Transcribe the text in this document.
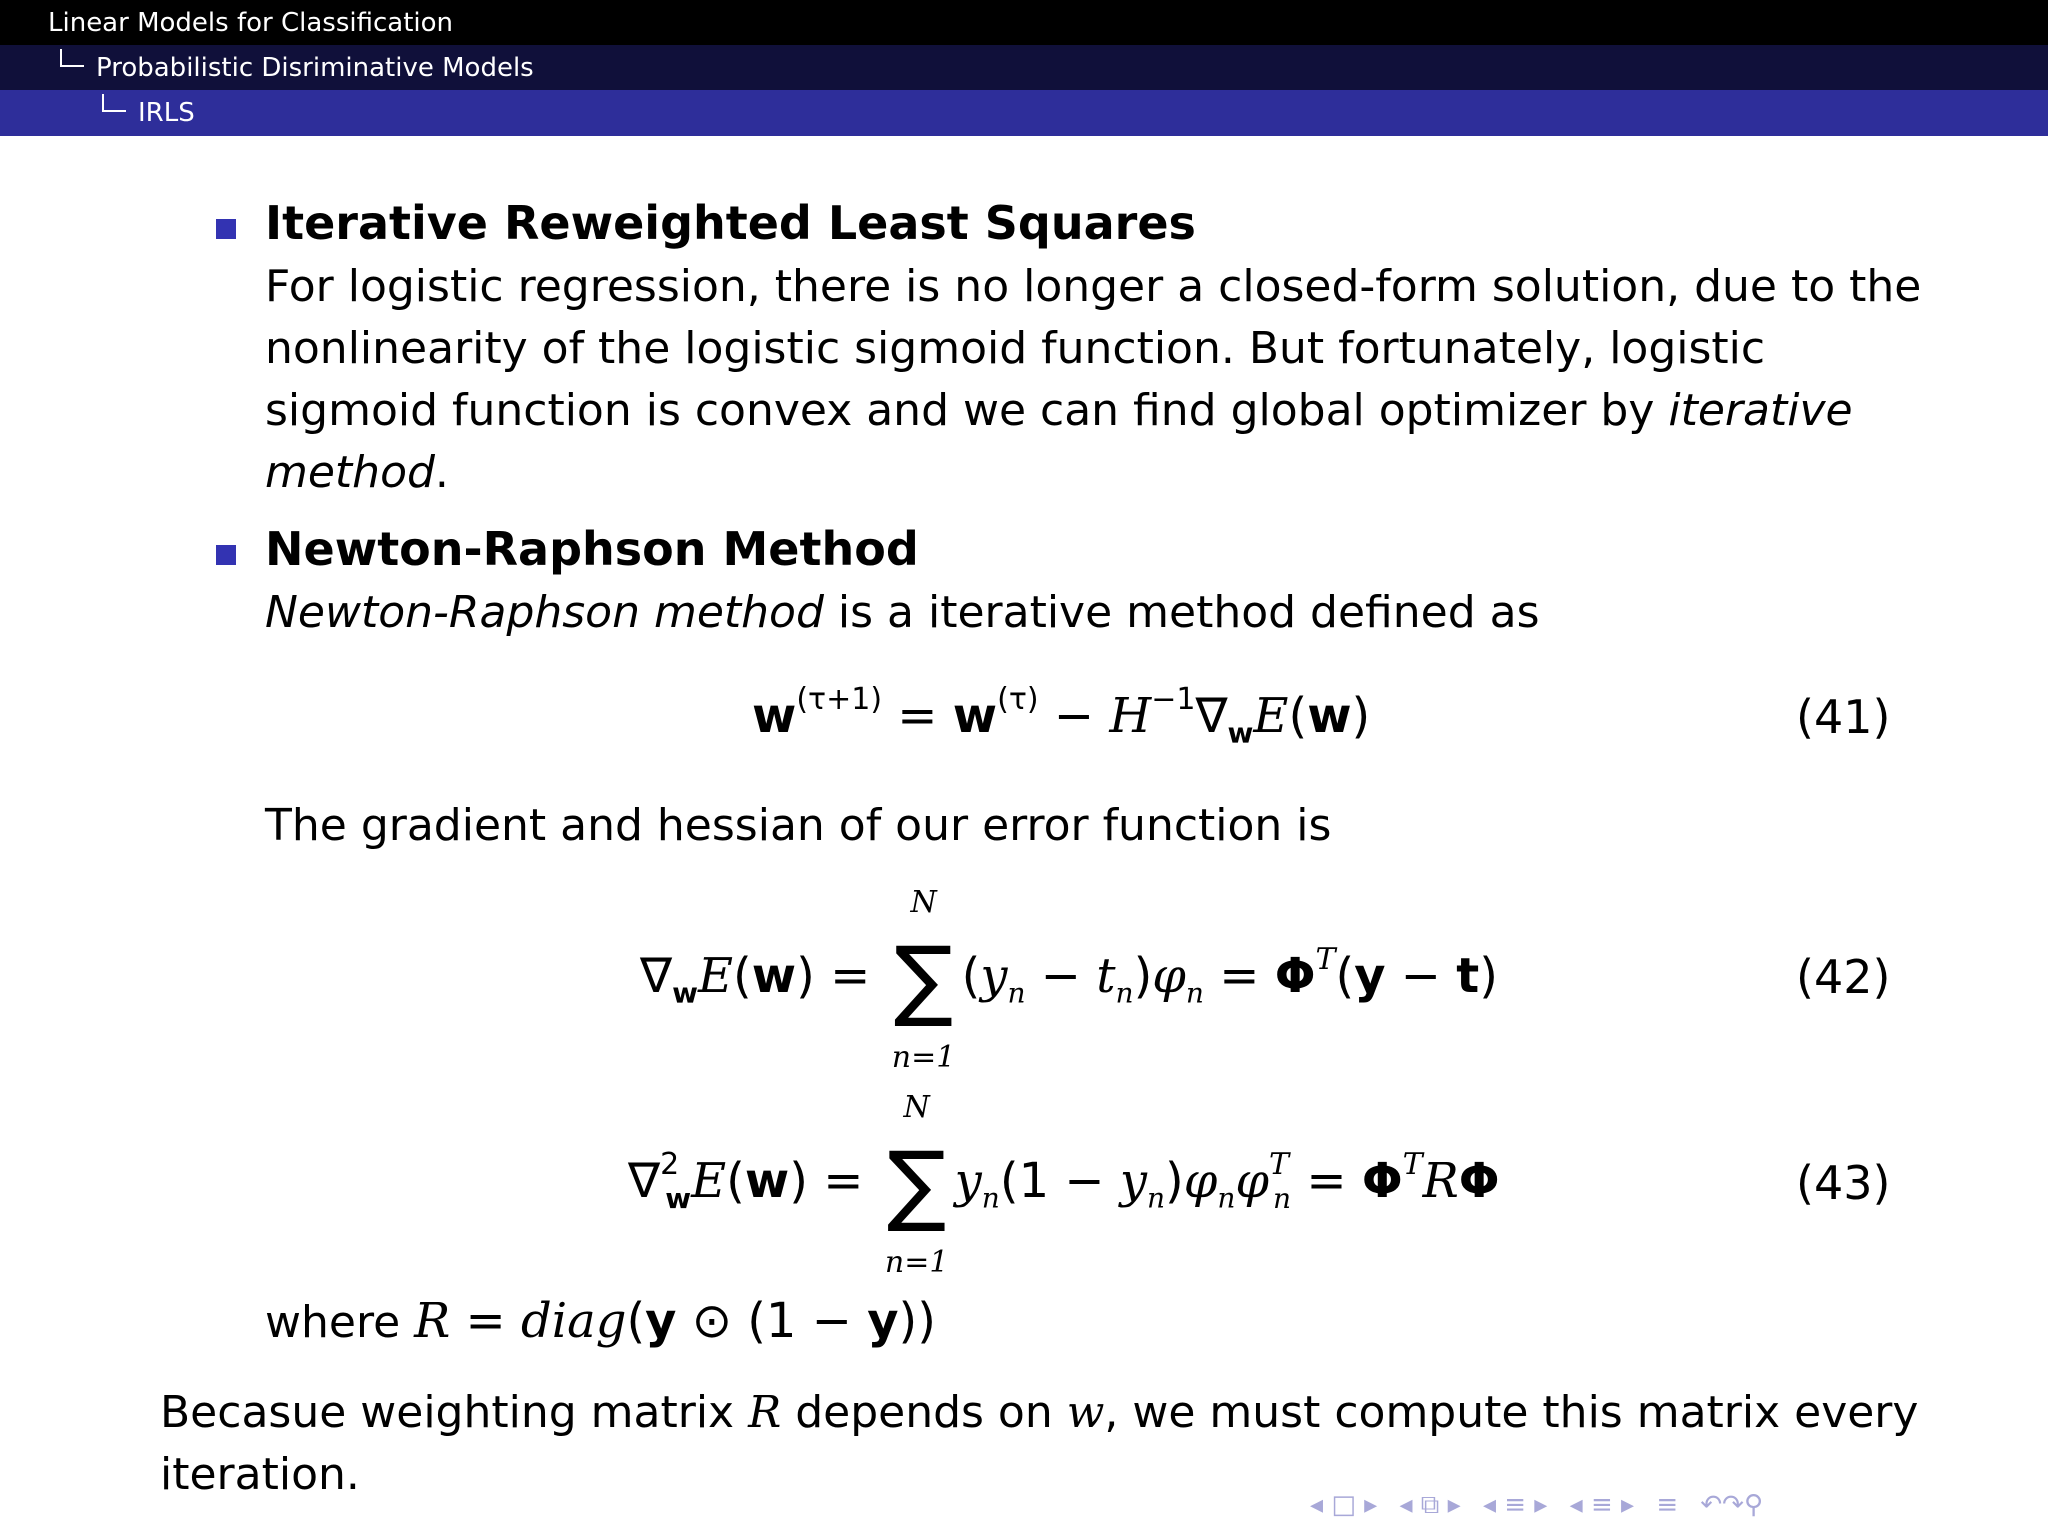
Linear Models for Classification
Probabilistic Disriminative Models
IRLS
Iterative Reweighted Least Squares
For logistic regression, there is no longer a closed-form solution, due to the
nonlinearity of the logistic sigmoid function. But fortunately, logistic
sigmoid function is convex and we can find global optimizer by iterative
method.
Newton-Raphson Method
Newton-Raphson method is a iterative method defined as
$w^{(\tau+1)} = w^{(\tau)} - H^{-1}\nabla_wE(w)$	(41)
The gradient and hessian of our error function is
$\nabla_wE(w)$ =
N
∑
n=1
$(y_n - t_n)\varphi_n = \Phi^T(y - t)$	(42)
∇$^2_w$E(w) =
N
∑
n=1
$y_n(1 - y_n)\varphi_n\varphi^T_n = \Phi^TR\Phi$	(43)
where R = diag(y ⊙ (1 − y))
Becasue weighting matrix R depends on w, we must compute this matrix every
iteration.
◂ □ ▸ ◂ ⧉ ▸ ◂ ≡ ▸ ◂ ≡ ▸ ≡ ↶↷⚲
